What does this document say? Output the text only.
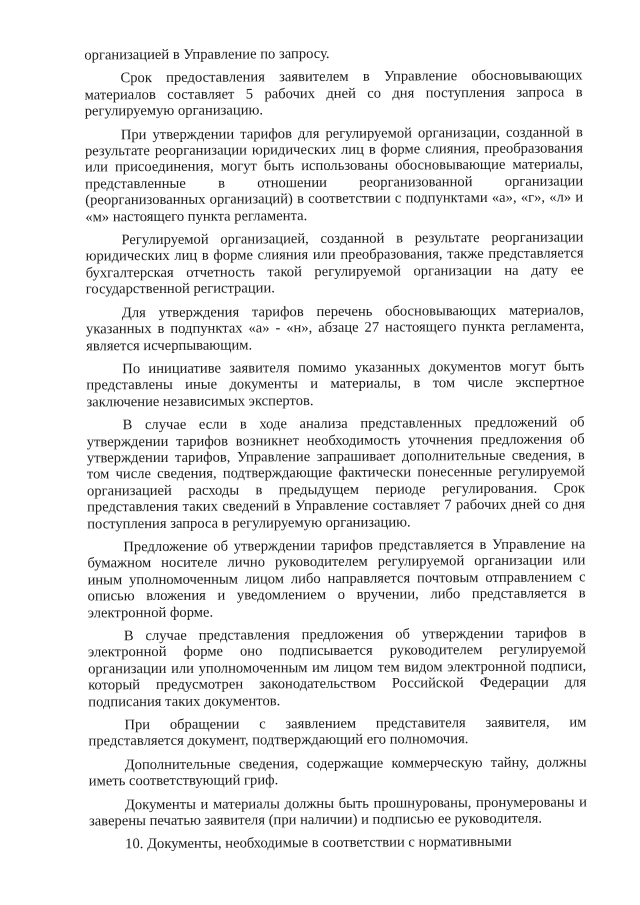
организацией в Управление по запросу.

Срок предоставления заявителем в Управление обосновывающих материалов составляет 5 рабочих дней со дня поступления запроса в регулируемую организацию.

При утверждении тарифов для регулируемой организации, созданной в результате реорганизации юридических лиц в форме слияния, преобразования или присоединения, могут быть использованы обосновывающие материалы, представленные в отношении реорганизованной организации (реорганизованных организаций) в соответствии с подпунктами «а», «г», «л» и «м» настоящего пункта регламента.

Регулируемой организацией, созданной в результате реорганизации юридических лиц в форме слияния или преобразования, также представляется бухгалтерская отчетность такой регулируемой организации на дату ее государственной регистрации.

Для утверждения тарифов перечень обосновывающих материалов, указанных в подпунктах «а» - «н», абзаце 27 настоящего пункта регламента, является исчерпывающим.

По инициативе заявителя помимо указанных документов могут быть представлены иные документы и материалы, в том числе экспертное заключение независимых экспертов.

В случае если в ходе анализа представленных предложений об утверждении тарифов возникнет необходимость уточнения предложения об утверждении тарифов, Управление запрашивает дополнительные сведения, в том числе сведения, подтверждающие фактически понесенные регулируемой организацией расходы в предыдущем периоде регулирования. Срок представления таких сведений в Управление составляет 7 рабочих дней со дня поступления запроса в регулируемую организацию.

Предложение об утверждении тарифов представляется в Управление на бумажном носителе лично руководителем регулируемой организации или иным уполномоченным лицом либо направляется почтовым отправлением с описью вложения и уведомлением о вручении, либо представляется в электронной форме.

В случае представления предложения об утверждении тарифов в электронной форме оно подписывается руководителем регулируемой организации или уполномоченным им лицом тем видом электронной подписи, который предусмотрен законодательством Российской Федерации для подписания таких документов.

При обращении с заявлением представителя заявителя, им представляется документ, подтверждающий его полномочия.

Дополнительные сведения, содержащие коммерческую тайну, должны иметь соответствующий гриф.

Документы и материалы должны быть прошнурованы, пронумерованы и заверены печатью заявителя (при наличии) и подписью ее руководителя.

10. Документы, необходимые в соответствии с нормативными
